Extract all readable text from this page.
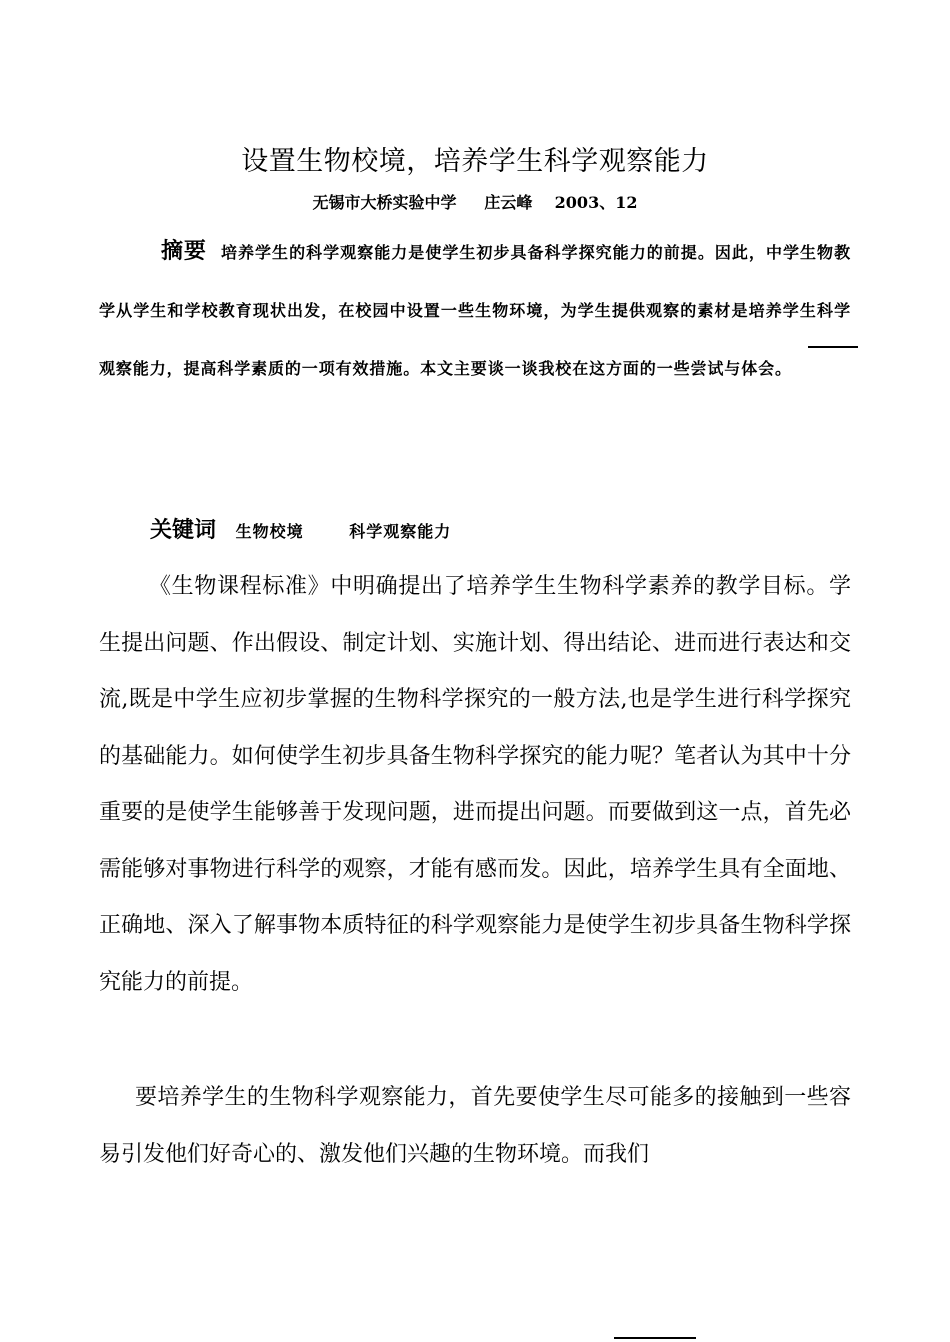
设置生物校境，培养学生科学观察能力
无锡市大桥实验中学     庄云峰    2003、12
摘要 培养学生的科学观察能力是使学生初步具备科学探究能力的前提。因此，中学生物教学从学生和学校教育现状出发，在校园中设置一些生物环境，为学生提供观察的素材是培养学生科学观察能力，提高科学素质的一项有效措施。本文主要谈一谈我校在这方面的一些尝试与体会。
关键词 生物校境	科学观察能力
《生物课程标准》中明确提出了培养学生生物科学素养的教学目标。学生提出问题、作出假设、制定计划、实施计划、得出结论、进而进行表达和交流,既是中学生应初步掌握的生物科学探究的一般方法,也是学生进行科学探究的基础能力。如何使学生初步具备生物科学探究的能力呢？笔者认为其中十分重要的是使学生能够善于发现问题，进而提出问题。而要做到这一点，首先必需能够对事物进行科学的观察，才能有感而发。因此，培养学生具有全面地、正确地、深入了解事物本质特征的科学观察能力是使学生初步具备生物科学探究能力的前提。
要培养学生的生物科学观察能力，首先要使学生尽可能多的接触到一些容易引发他们好奇心的、激发他们兴趣的生物环境。而我们
